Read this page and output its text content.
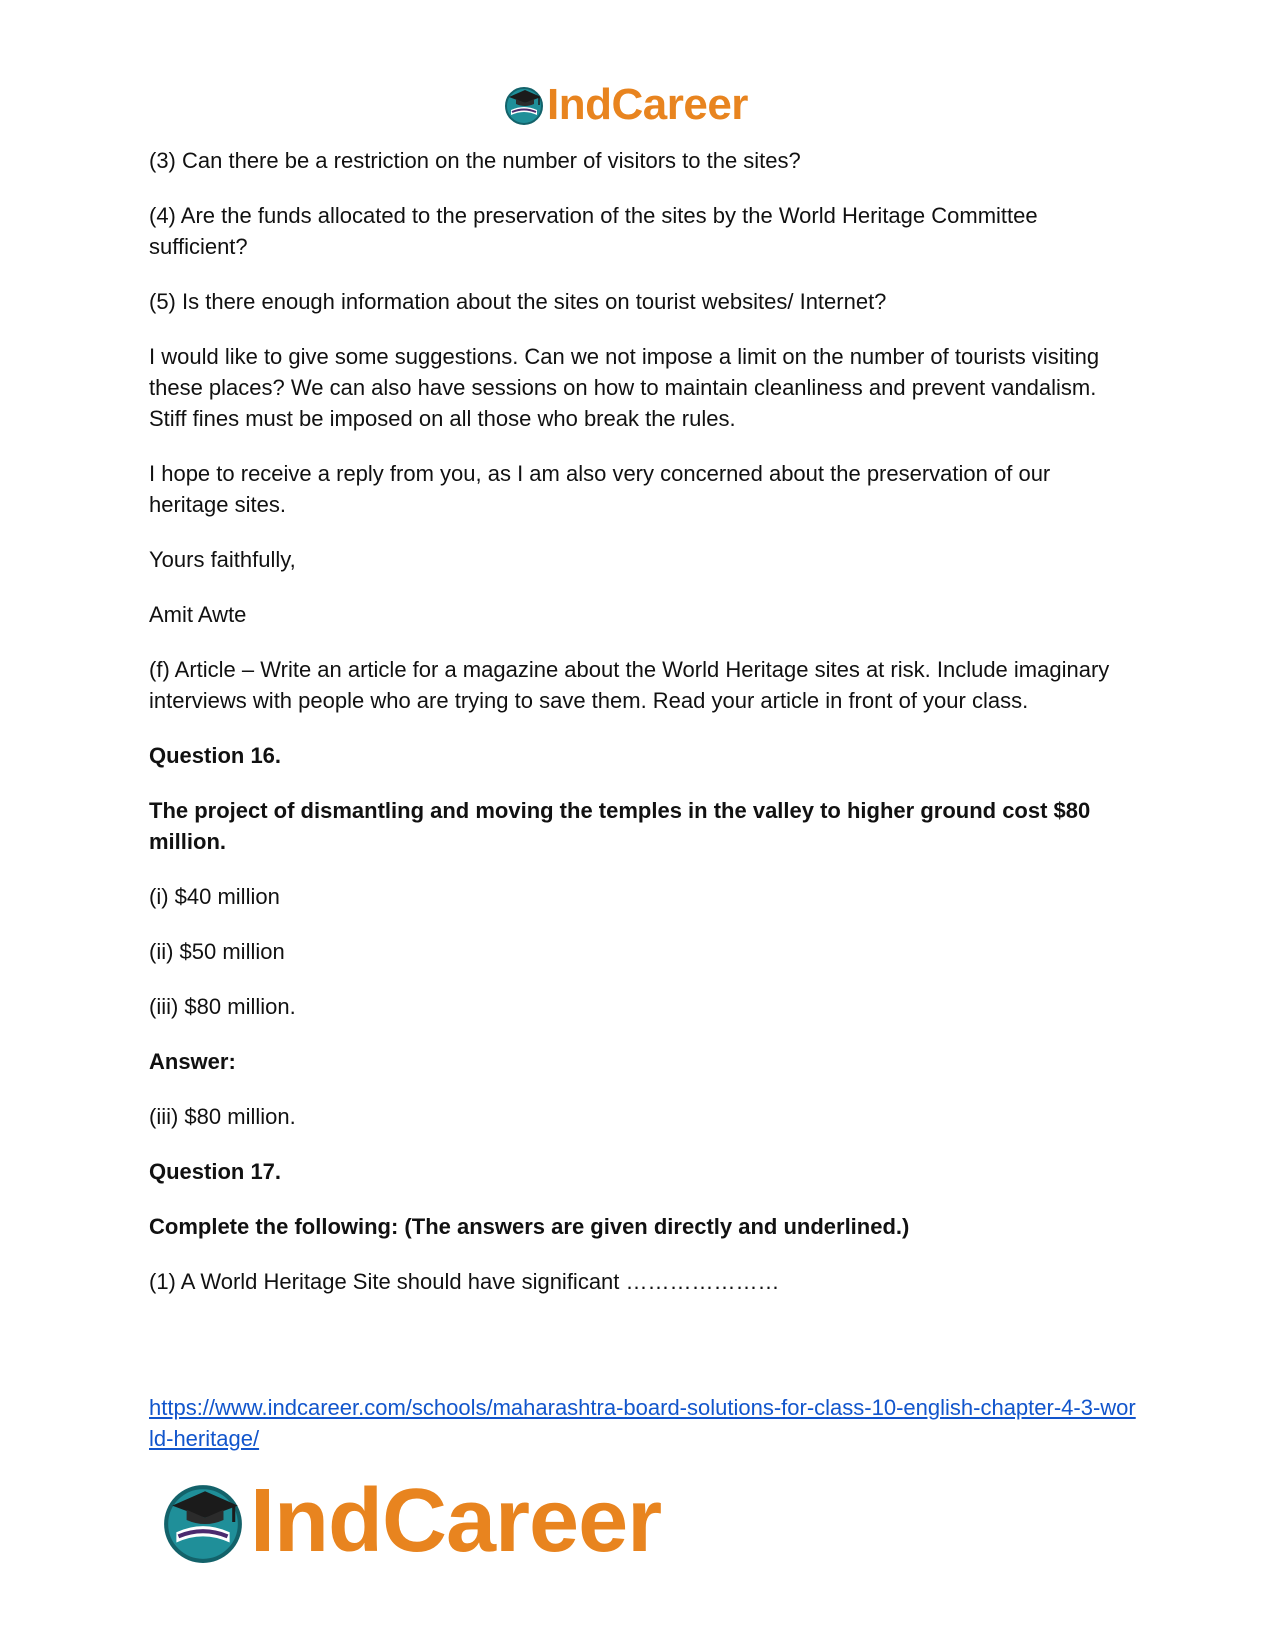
IndCareer

(3) Can there be a restriction on the number of visitors to the sites?

(4) Are the funds allocated to the preservation of the sites by the World Heritage Committee sufficient?

(5) Is there enough information about the sites on tourist websites/ Internet?

I would like to give some suggestions. Can we not impose a limit on the number of tourists visiting these places? We can also have sessions on how to maintain cleanliness and prevent vandalism. Stiff fines must be imposed on all those who break the rules.

I hope to receive a reply from you, as I am also very concerned about the preservation of our heritage sites.

Yours faithfully,

Amit Awte

(f) Article – Write an article for a magazine about the World Heritage sites at risk. Include imaginary interviews with people who are trying to save them. Read your article in front of your class.

Question 16.

The project of dismantling and moving the temples in the valley to higher ground cost $80 million.

(i) $40 million

(ii) $50 million

(iii) $80 million.

Answer:

(iii) $80 million.

Question 17.

Complete the following: (The answers are given directly and underlined.)

(1) A World Heritage Site should have significant …………………

https://www.indcareer.com/schools/maharashtra-board-solutions-for-class-10-english-chapter-4-3-world-heritage/
IndCareer
